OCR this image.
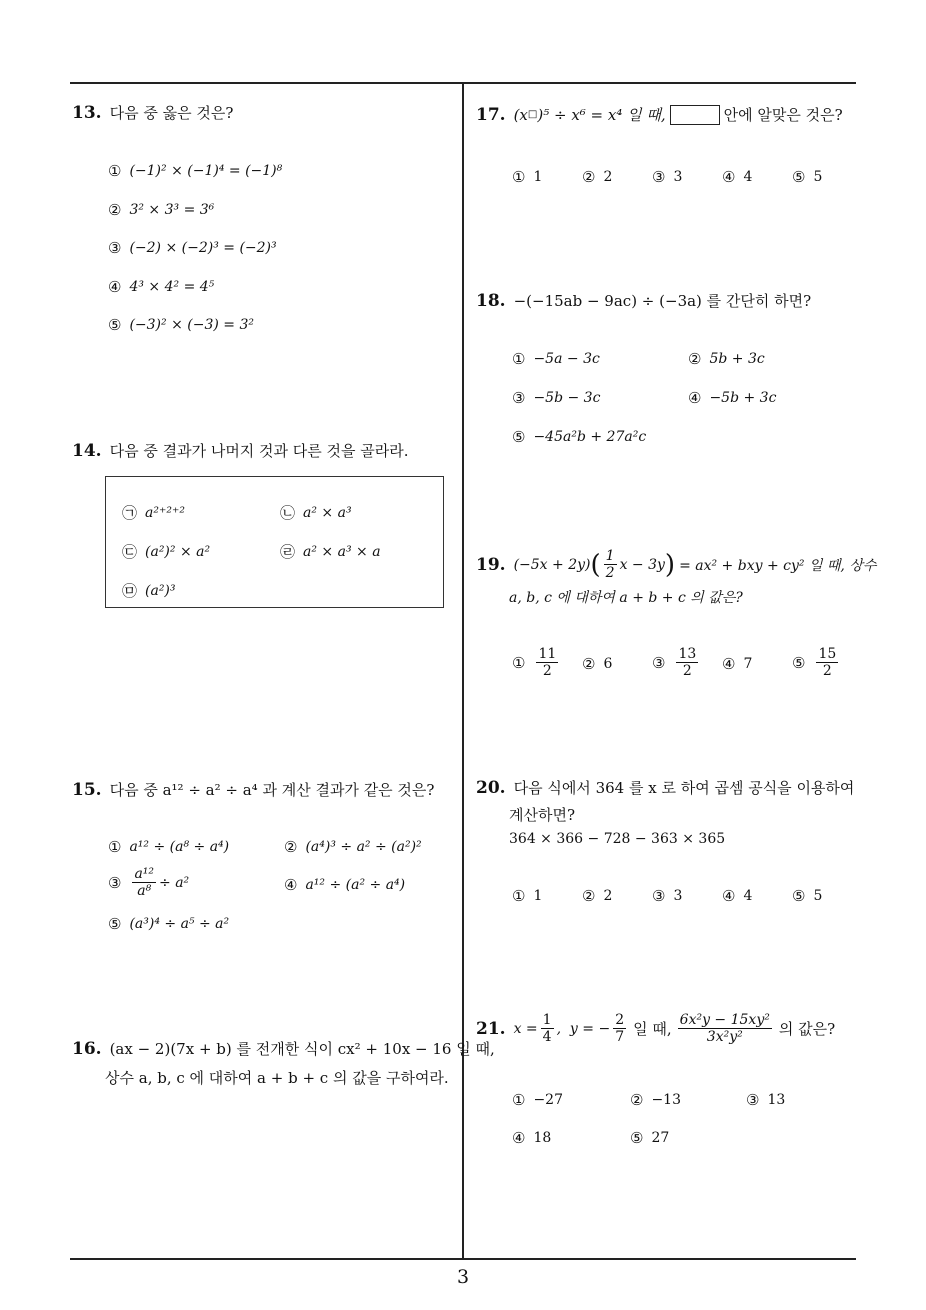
13. 다음 중 옳은 것은?
① (−1)² × (−1)⁴ = (−1)⁸
② 3² × 3³ = 3⁶
③ (−2) × (−2)³ = (−2)³
④ 4³ × 4² = 4⁵
⑤ (−3)² × (−3) = 3²
14. 다음 중 결과가 나머지 것과 다른 것을 골라라.
㉠ a²⁺²⁺²	㉡ a² × a³
㉢ (a²)² × a²	㉣ a² × a³ × a
㉤ (a²)³
15. 다음 중 a¹² ÷ a² ÷ a⁴ 과 계산 결과가 같은 것은?
① a¹² ÷ (a⁸ ÷ a⁴)	② (a⁴)³ ÷ a² ÷ (a²)²
③ $\frac{\text{a¹²}}{\text{a⁸}} \div a^2$	④ a¹² ÷ (a² ÷ a⁴)
⑤ (a³)⁴ ÷ a⁵ ÷ a²
16. (ax − 2)(7x + b) 를 전개한 식이 cx² + 10x − 16 일 때,
상수 a, b, c 에 대하여 a + b + c 의 값을 구하여라.
17. (x □ )⁵ ÷ x⁶ = x⁴ 일 때,	안에 알맞은 것은?
① 1	② 2	③ 3	④ 4	⑤ 5
18. −(−15ab − 9ac) ÷ (−3a) 를 간단히 하면?
① −5a − 3c	② 5b + 3c
③ −5b − 3c	④ −5b + 3c
⑤ −45a²b + 27a²c
19. (−5x + 2y) ( $\frac{1}{2}$ x − 3y ) = ax² + bxy + cy² 일 때, 상수
a, b, c 에 대하여 a + b + c 의 값은?
① $\frac{11}{2}$ ② 6	③ $\frac{13}{2}$ ④ 7	⑤ $\frac{15}{2}$
20. 다음 식에서 364 를 x 로 하여 곱셈 공식을 이용하여
계산하면?
364 × 366 − 728 − 363 × 365
① 1	② 2	③ 3	④ 4	⑤ 5
21. $x = \frac{1}{4}$ ,  y = − $\frac{2}{7}$ 일 때, $\frac{\text{6x²y − 15xy²}}{\text{3x²y²}}$ 의 값은?
① −27	② −13	③ 13
④ 18	⑤ 27
3
